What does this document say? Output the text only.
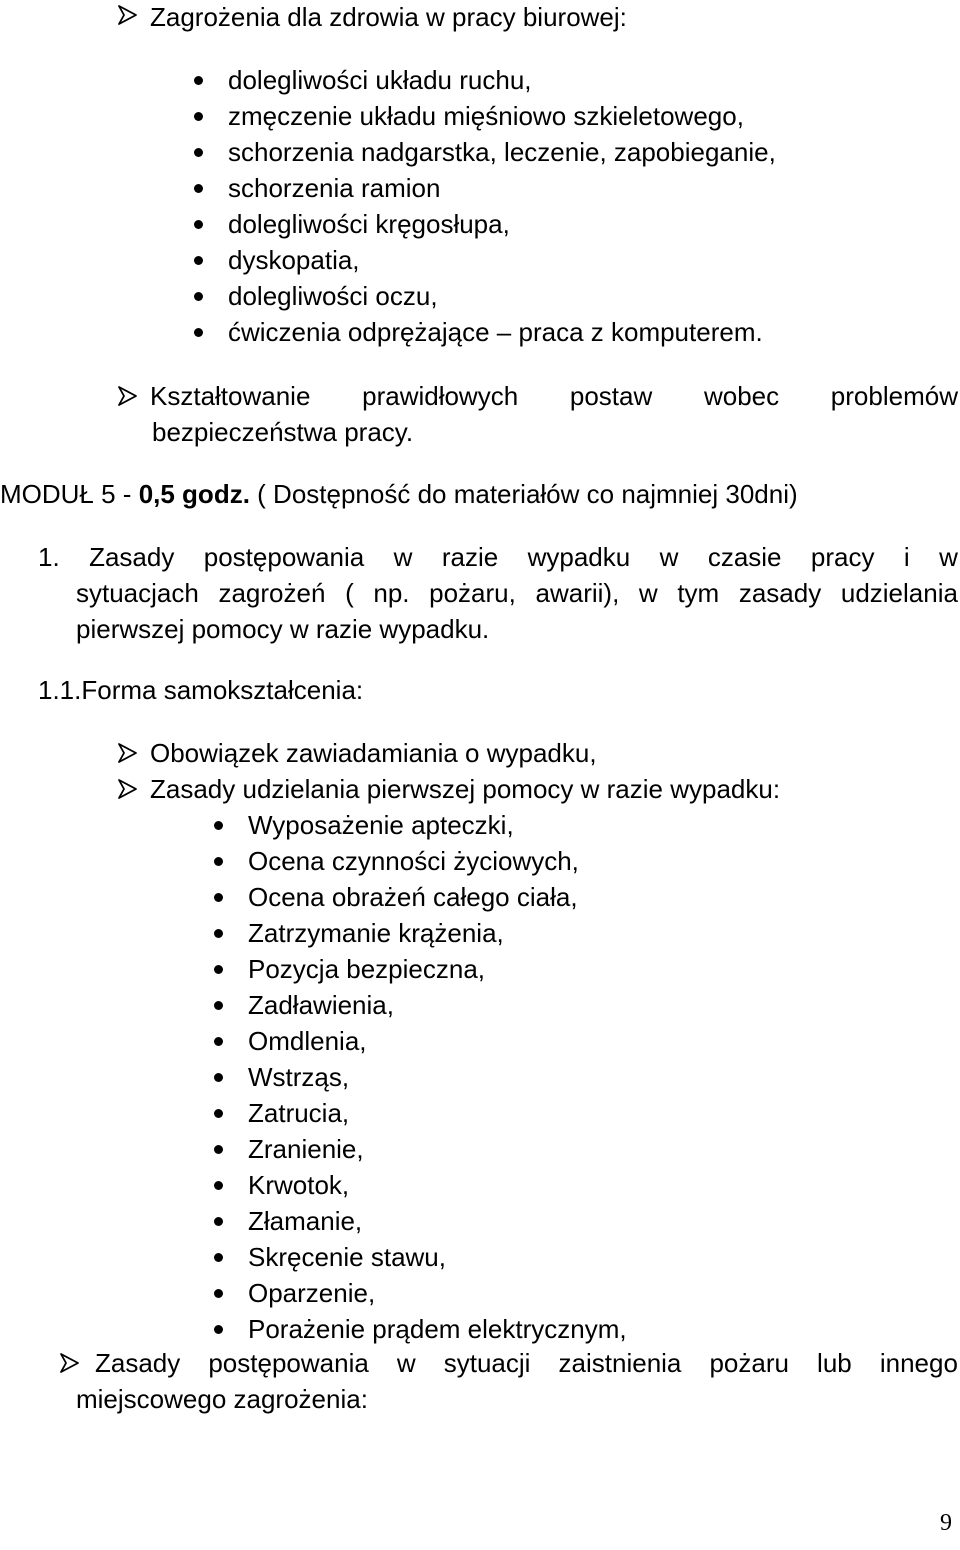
Zagrożenia dla zdrowia w pracy biurowej:
dolegliwości układu ruchu,
zmęczenie układu mięśniowo szkieletowego,
schorzenia nadgarstka, leczenie, zapobieganie,
schorzenia ramion
dolegliwości kręgosłupa,
dyskopatia,
dolegliwości oczu,
ćwiczenia odprężające – praca z komputerem.
Kształtowanie prawidłowych postaw wobec problemów
bezpieczeństwa pracy.
MODUŁ 5 - 0,5 godz. ( Dostępność do materiałów co najmniej 30dni)
1. Zasady postępowania w razie wypadku w czasie pracy i w
sytuacjach zagrożeń ( np. pożaru, awarii), w tym zasady udzielania
pierwszej pomocy w razie wypadku.
1.1.Forma samokształcenia:
Obowiązek zawiadamiania o wypadku,
Zasady udzielania pierwszej pomocy w razie wypadku:
Wyposażenie apteczki,
Ocena czynności życiowych,
Ocena obrażeń całego ciała,
Zatrzymanie krążenia,
Pozycja bezpieczna,
Zadławienia,
Omdlenia,
Wstrząs,
Zatrucia,
Zranienie,
Krwotok,
Złamanie,
Skręcenie stawu,
Oparzenie,
Porażenie prądem elektrycznym,
Zasady postępowania w sytuacji zaistnienia pożaru lub innego
miejscowego zagrożenia:
9
